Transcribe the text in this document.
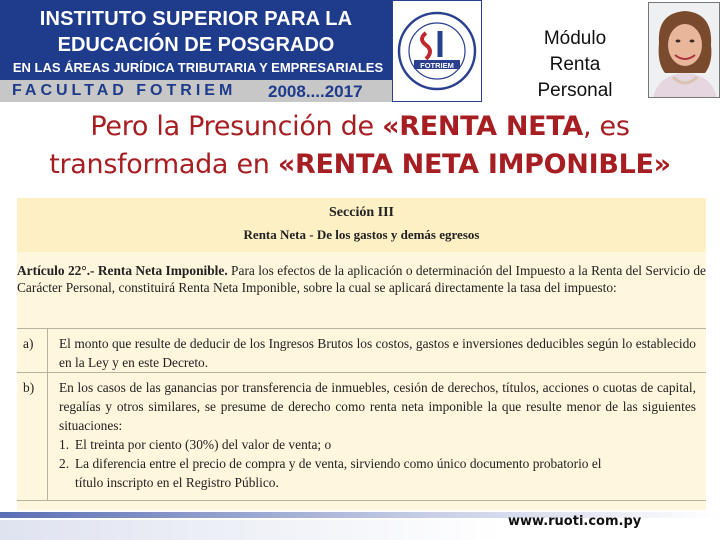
INSTITUTO SUPERIOR PARA LA
EDUCACIÓN DE POSGRADO
EN LAS ÁREAS JURÍDICA TRIBUTARIA Y EMPRESARIALES
FACULTAD FOTRIEM 2008....2017
FOTRIEM
Módulo
Renta
Personal
Pero la Presunción de «RENTA NETA, es
transformada en «RENTA NETA IMPONIBLE»
Sección III
Renta Neta - De los gastos y demás egresos
Artículo 22°.- Renta Neta Imponible. Para los efectos de la aplicación o determinación del Impuesto a la Renta del Servicio de Carácter Personal, constituirá Renta Neta Imponible, sobre la cual se aplicará directamente la tasa del impuesto:
a)	El monto que resulte de deducir de los Ingresos Brutos los costos, gastos e inversiones deducibles según lo establecido en la Ley y en este Decreto.
b)	En los casos de las ganancias por transferencia de inmuebles, cesión de derechos, títulos, acciones o cuotas de capital, regalías y otros similares, se presume de derecho como renta neta imponible la que resulte menor de las siguientes situaciones:
1. El treinta por ciento (30%) del valor de venta; o
2. La diferencia entre el precio de compra y de venta, sirviendo como único documento probatorio el
título inscripto en el Registro Público.
www.ruoti.com.py
